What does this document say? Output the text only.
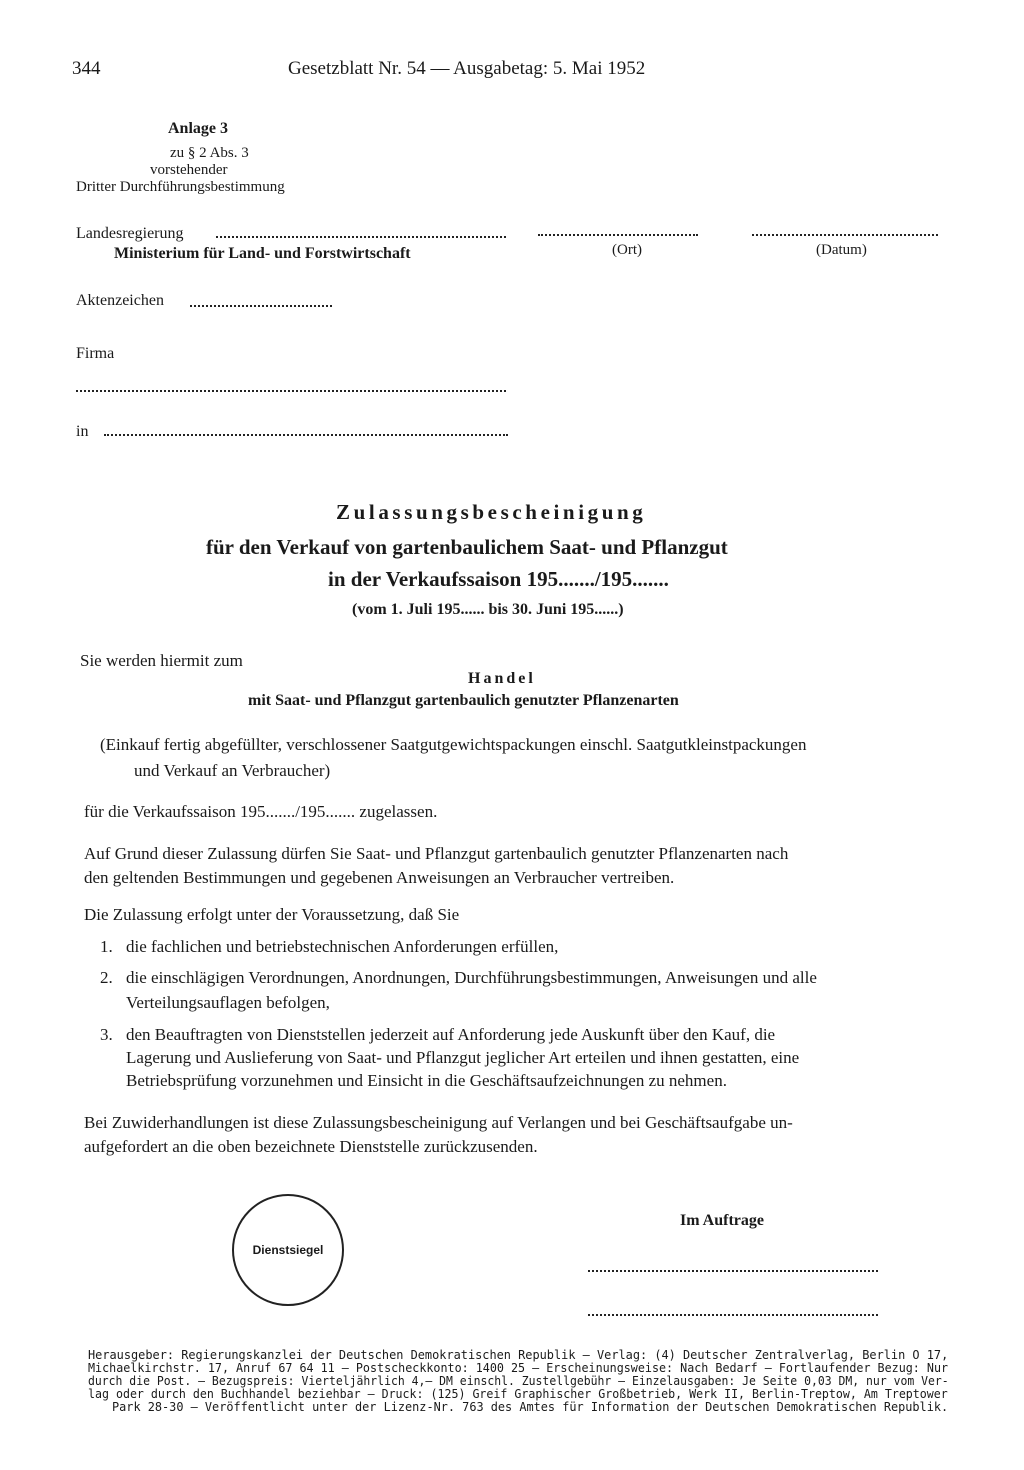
344	Gesetzblatt Nr. 54 — Ausgabetag: 5. Mai 1952
Anlage 3
zu § 2 Abs. 3
vorstehender
Dritter Durchführungsbestimmung
Landesregierung
Ministerium für Land- und Forstwirtschaft	(Ort)	(Datum)
Aktenzeichen
Firma
in
Zulassungsbescheinigung
für den Verkauf von gartenbaulichem Saat- und Pflanzgut
in der Verkaufssaison 195......./195.......
(vom 1. Juli 195...... bis 30. Juni 195......)
Sie werden hiermit zum
Handel
mit Saat- und Pflanzgut gartenbaulich genutzter Pflanzenarten
(Einkauf fertig abgefüllter, verschlossener Saatgutgewichtspackungen einschl. Saatgutkleinstpackungen
und Verkauf an Verbraucher)
für die Verkaufssaison 195......./195....... zugelassen.
Auf Grund dieser Zulassung dürfen Sie Saat- und Pflanzgut gartenbaulich genutzter Pflanzenarten nach
den geltenden Bestimmungen und gegebenen Anweisungen an Verbraucher vertreiben.
Die Zulassung erfolgt unter der Voraussetzung, daß Sie
1. die fachlichen und betriebstechnischen Anforderungen erfüllen,
2. die einschlägigen Verordnungen, Anordnungen, Durchführungsbestimmungen, Anweisungen und alle
Verteilungsauflagen befolgen,
3. den Beauftragten von Dienststellen jederzeit auf Anforderung jede Auskunft über den Kauf, die
Lagerung und Auslieferung von Saat- und Pflanzgut jeglicher Art erteilen und ihnen gestatten, eine
Betriebsprüfung vorzunehmen und Einsicht in die Geschäftsaufzeichnungen zu nehmen.
Bei Zuwiderhandlungen ist diese Zulassungsbescheinigung auf Verlangen und bei Geschäftsaufgabe un-
aufgefordert an die oben bezeichnete Dienststelle zurückzusenden.
Dienstsiegel
Im Auftrage
Herausgeber: Regierungskanzlei der Deutschen Demokratischen Republik — Verlag: (4) Deutscher Zentralverlag, Berlin O 17,
Michaelkirchstr. 17, Anruf 67 64 11 — Postscheckkonto: 1400 25 — Erscheinungsweise: Nach Bedarf — Fortlaufender Bezug: Nur
durch die Post. — Bezugspreis: Vierteljährlich 4,— DM einschl. Zustellgebühr — Einzelausgaben: Je Seite 0,03 DM, nur vom Ver-
lag oder durch den Buchhandel beziehbar — Druck: (125) Greif Graphischer Großbetrieb, Werk II, Berlin-Treptow, Am Treptower
Park 28-30 — Veröffentlicht unter der Lizenz-Nr. 763 des Amtes für Information der Deutschen Demokratischen Republik.
